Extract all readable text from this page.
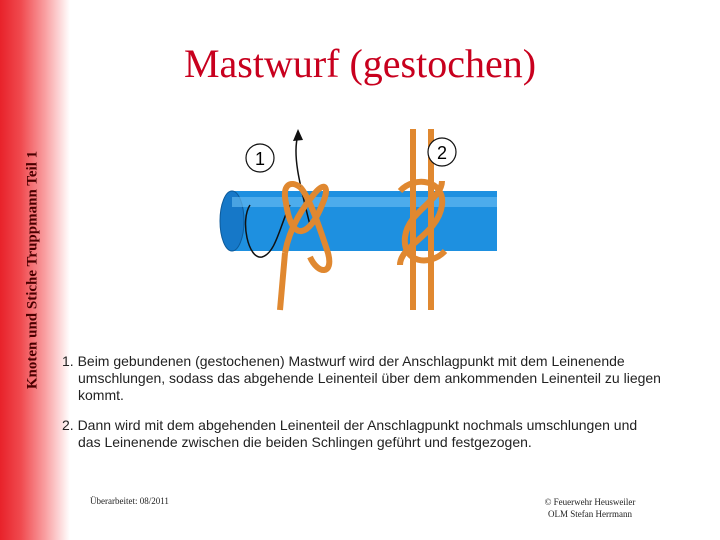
Knoten und Stiche Truppmann Teil 1
Mastwurf (gestochen)
1	2
1. Beim gebundenen (gestochenen) Mastwurf wird der Anschlagpunkt mit dem Leinenende umschlungen, sodass das abgehende Leinenteil über dem ankommenden Leinenteil zu liegen kommt.
2. Dann wird mit dem abgehenden Leinenteil der Anschlagpunkt nochmals umschlungen und das Leinenende zwischen die beiden Schlingen geführt und festgezogen.
Überarbeitet: 08/2011	© Feuerwehr Heusweiler
OLM Stefan Herrmann
